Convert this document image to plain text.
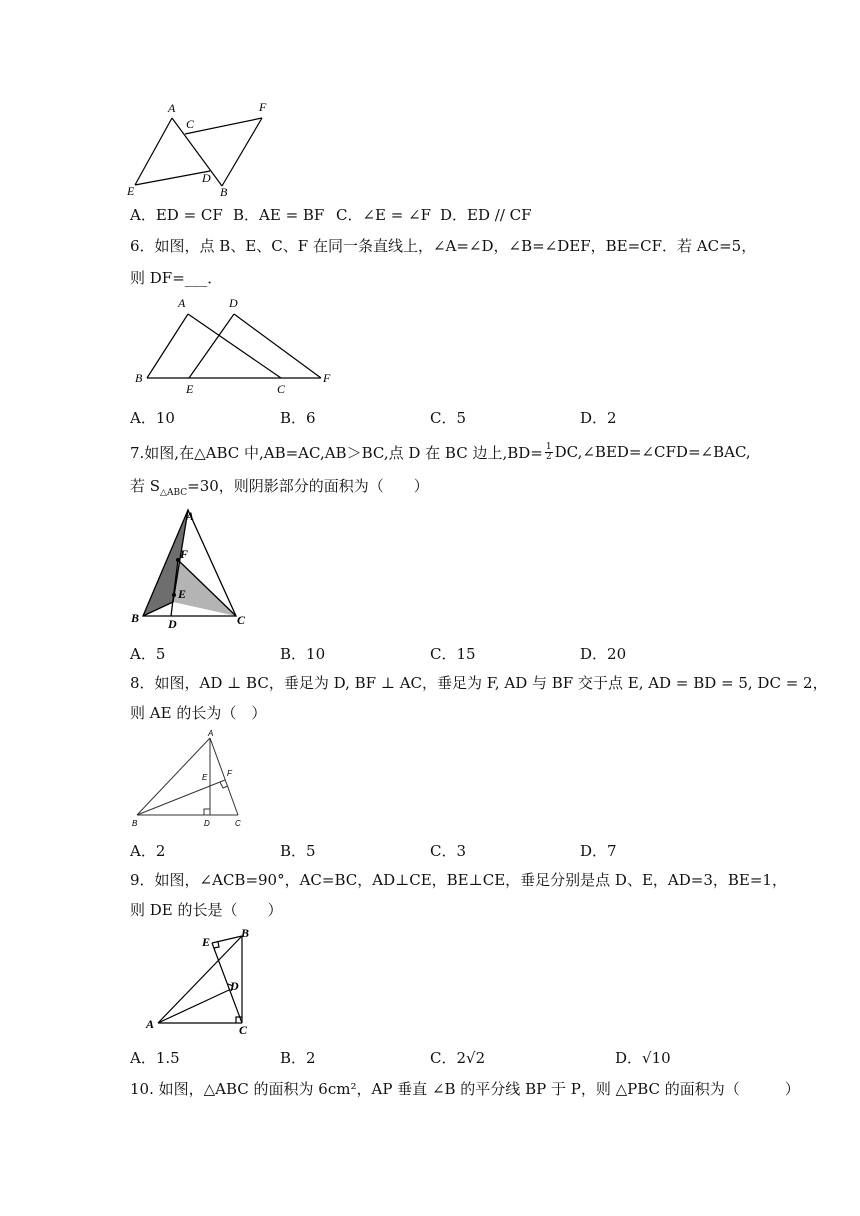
A
C
F
E
D
B
A．ED = CF B．AE = BF C．∠E = ∠F D．ED // CF
6．如图，点 B、E、C、F 在同一条直线上，∠A=∠D，∠B=∠DEF，BE=CF．若 AC=5，
则 DF=___．
A	D
B
E	C
F
A．10	B．6	C．5	D．2
7.如图,在△ABC 中,AB=AC,AB＞BC,点 D 在 BC 边上$,BD= \frac{1}{2}$ DC,∠BED=∠CFD=∠BAC,
若 $S_{\triangle ABC}=30$，则阴影部分的面积为（　　）
A
F
E
B D	C
A．5	B．10	C．15	D．20
8．如图，AD ⊥ BC，垂足为 D, BF ⊥ AC，垂足为 F, AD 与 BF 交于点 E, AD = BD = 5, DC = 2，
则 AE 的长为（　）
A
E F
B	D	C
A．2	B．5	C．3	D．7
9．如图，∠ACB=90°，AC=BC，AD⊥CE，BE⊥CE，垂足分别是点 D、E，AD=3，BE=1，
则 DE 的长是（　　）
E
B
D
A	C
A．1.5	B．2	C．2√2	D．√10
10. 如图，△ABC 的面积为 6cm²，AP 垂直 ∠B 的平分线 BP 于 P，则 △PBC 的面积为（　　　）
